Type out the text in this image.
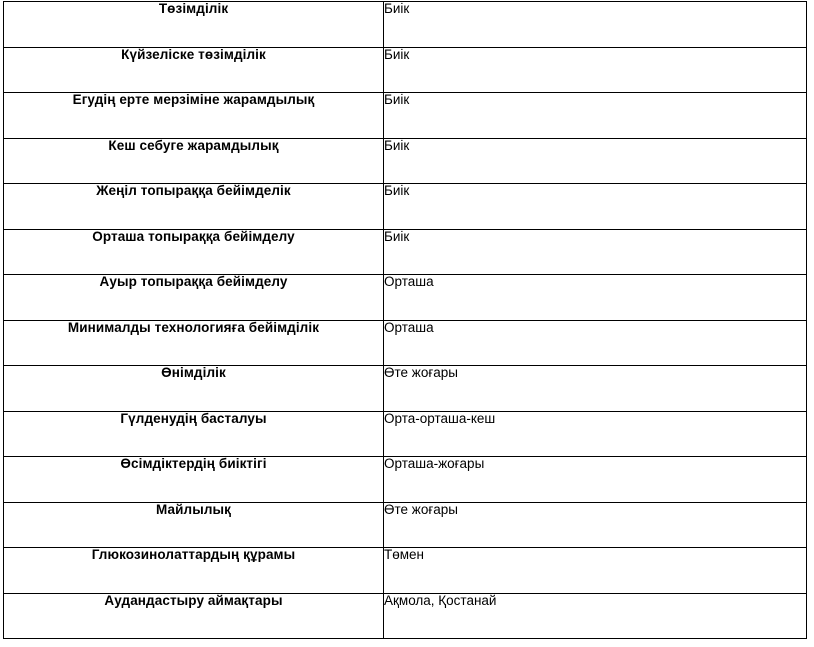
Төзімділік	Биік
Күйзеліске төзімділік	Биік
Егудің ерте мерзіміне жарамдылық	Биік
Кеш себуге жарамдылық	Биік
Жеңіл топыраққа бейімделік	Биік
Орташа топыраққа бейімделу	Биік
Ауыр топыраққа бейімделу	Орташа
Минималды технологияға бейімділік	Орташа
Өнімділік	Өте жоғары
Гүлденудің басталуы	Орта-орташа-кеш
Өсімдіктердің биіктігі	Орташа-жоғары
Майлылық	Өте жоғары
Глюкозинолаттардың құрамы	Төмен
Аудандастыру аймақтары	Ақмола, Қостанай
